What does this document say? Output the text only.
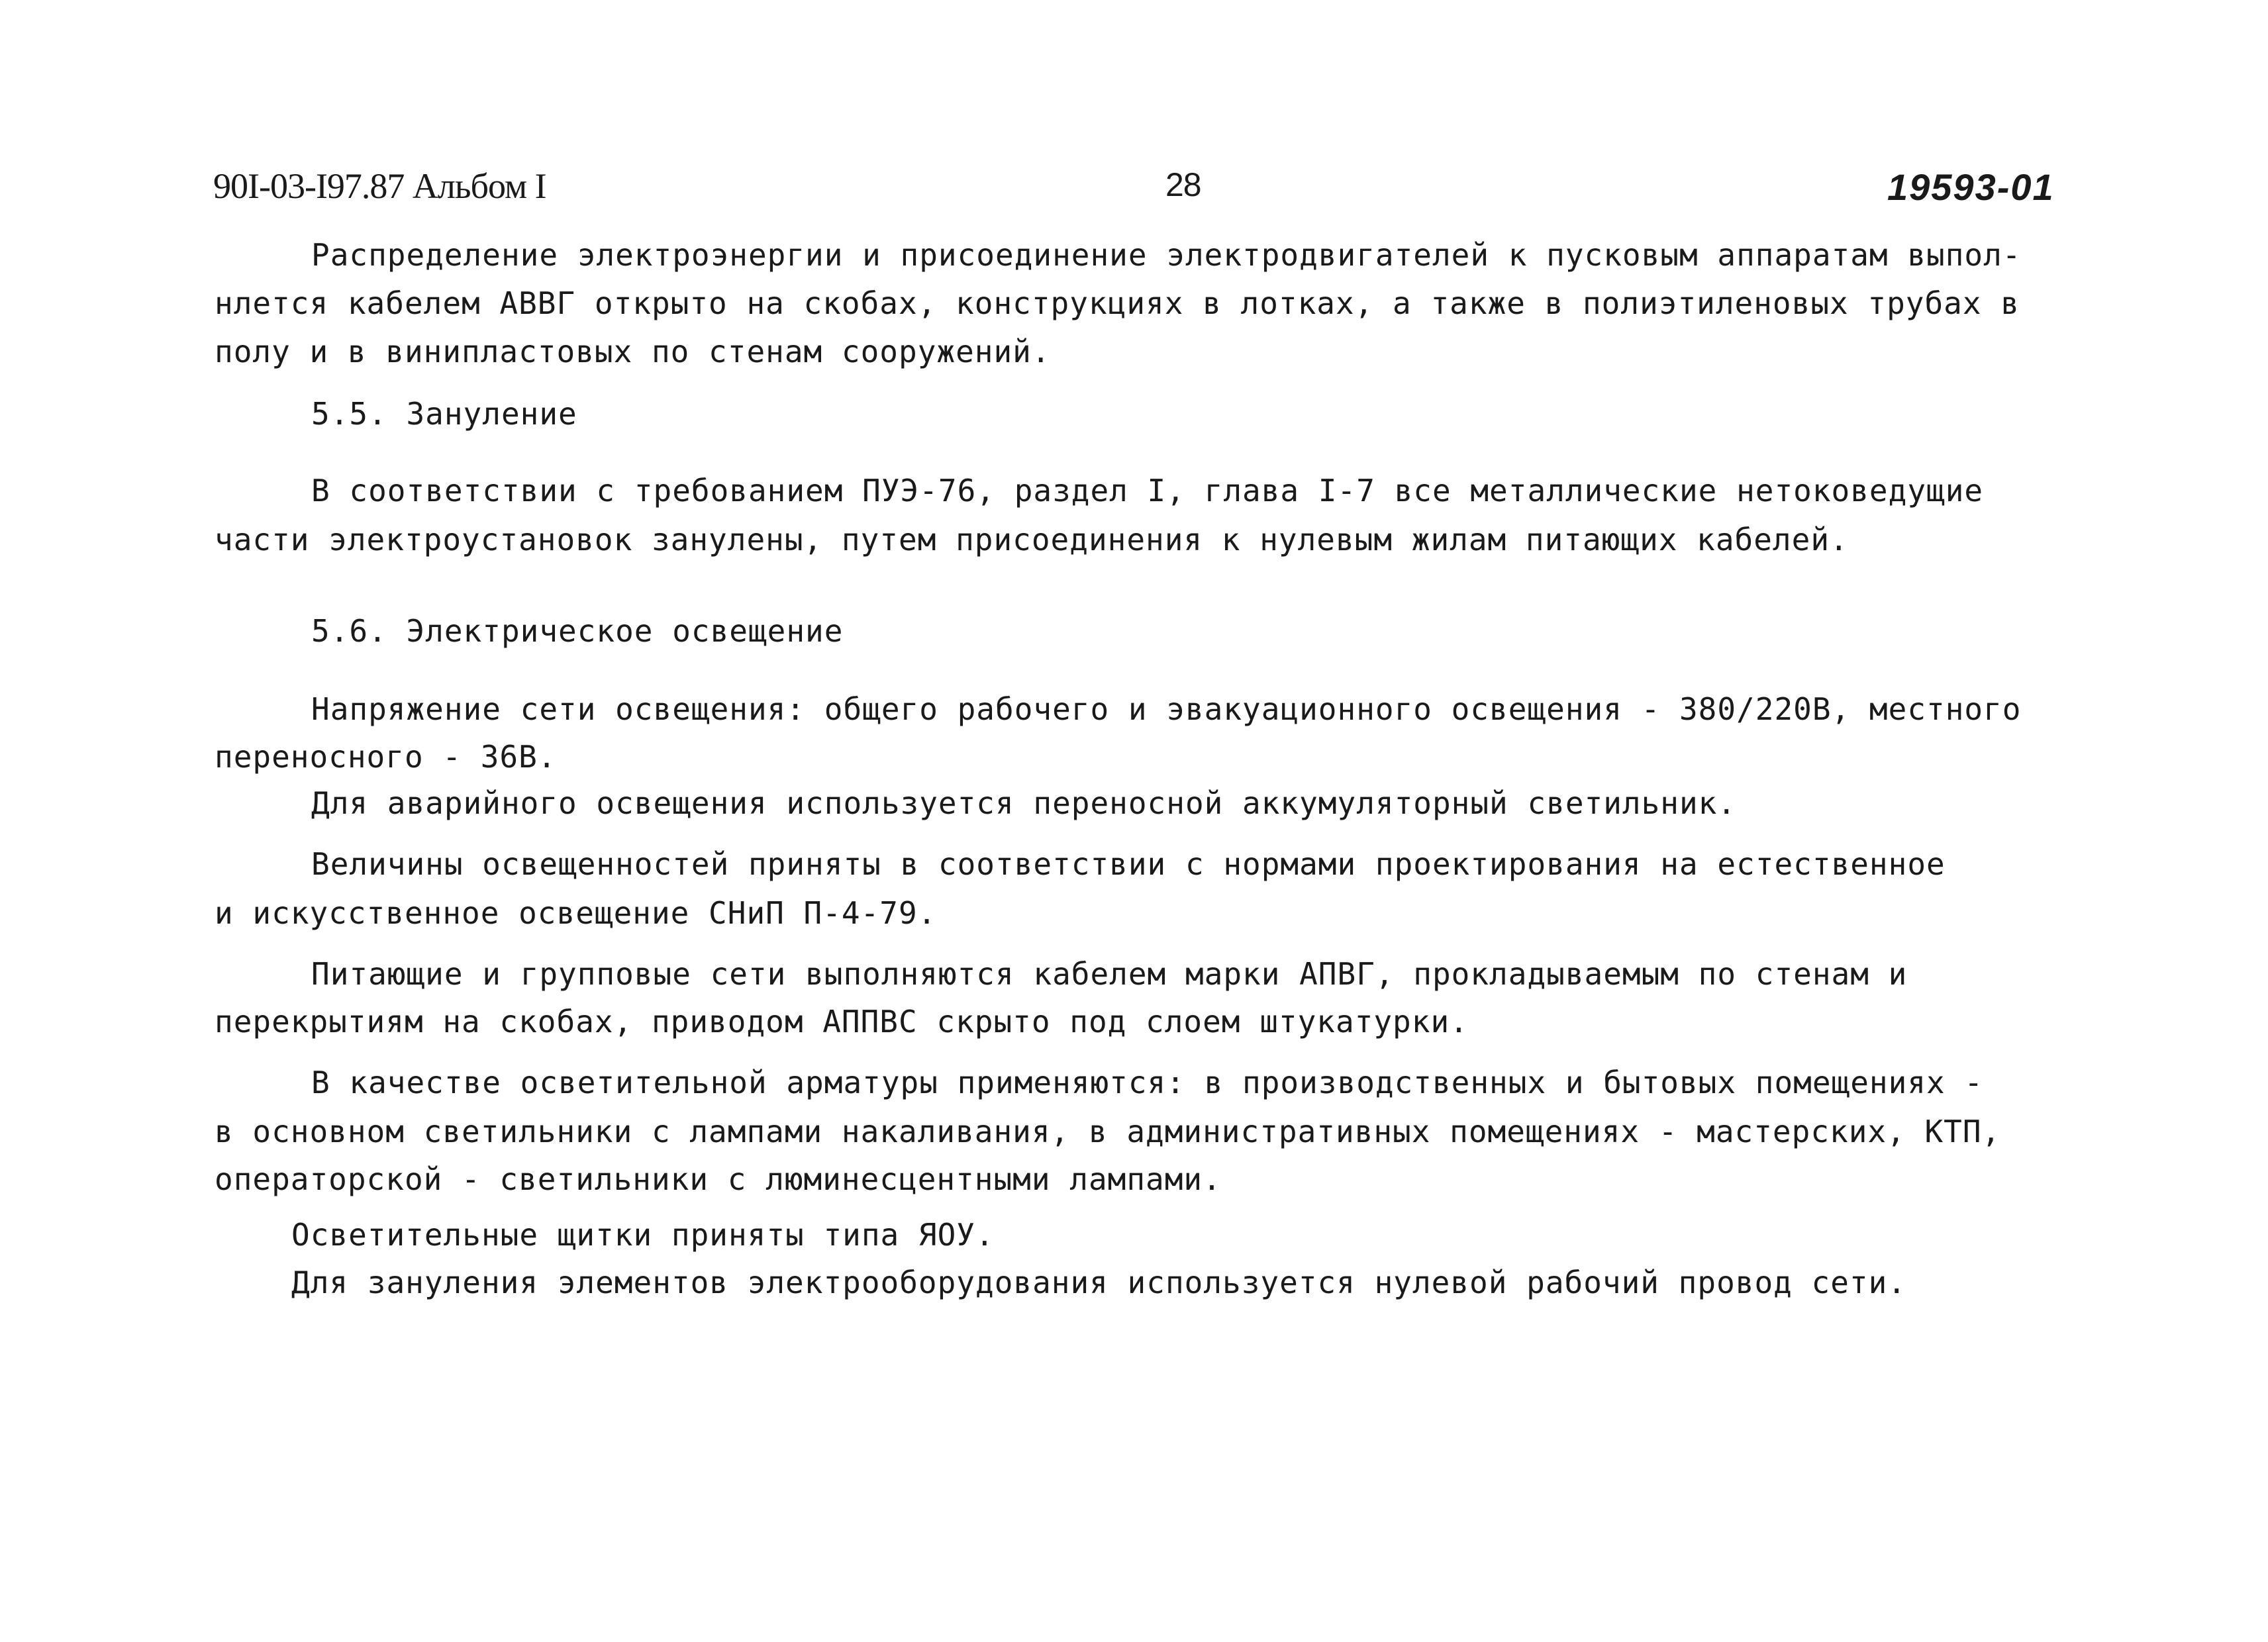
90I-03-I97.87 Альбом I	28	19593-01
Распределение электроэнергии и присоединение электродвигателей к пусковым аппаратам выпол-
нлется кабелем АВВГ открыто на скобах, конструкциях в лотках, а также в полиэтиленовых трубах в
полу и в винипластовых по стенам сооружений.
5.5. Зануление
В соответствии с требованием ПУЭ-76, раздел I, глава I-7 все металлические нетоковедущие
части электроустановок занулены, путем присоединения к нулевым жилам питающих кабелей.
5.6. Электрическое освещение
Напряжение сети освещения: общего рабочего и эвакуационного освещения - 380/220В, местного
переносного - 36В.
Для аварийного освещения используется переносной аккумуляторный светильник.
Величины освещенностей приняты в соответствии с нормами проектирования на естественное
и искусственное освещение СНиП П-4-79.
Питающие и групповые сети выполняются кабелем марки АПВГ, прокладываемым по стенам и
перекрытиям на скобах, приводом АППВС скрыто под слоем штукатурки.
В качестве осветительной арматуры применяются: в производственных и бытовых помещениях -
в основном светильники с лампами накаливания, в административных помещениях - мастерских, КТП,
операторской - светильники с люминесцентными лампами.
Осветительные щитки приняты типа ЯОУ.
Для зануления элементов электрооборудования используется нулевой рабочий провод сети.
